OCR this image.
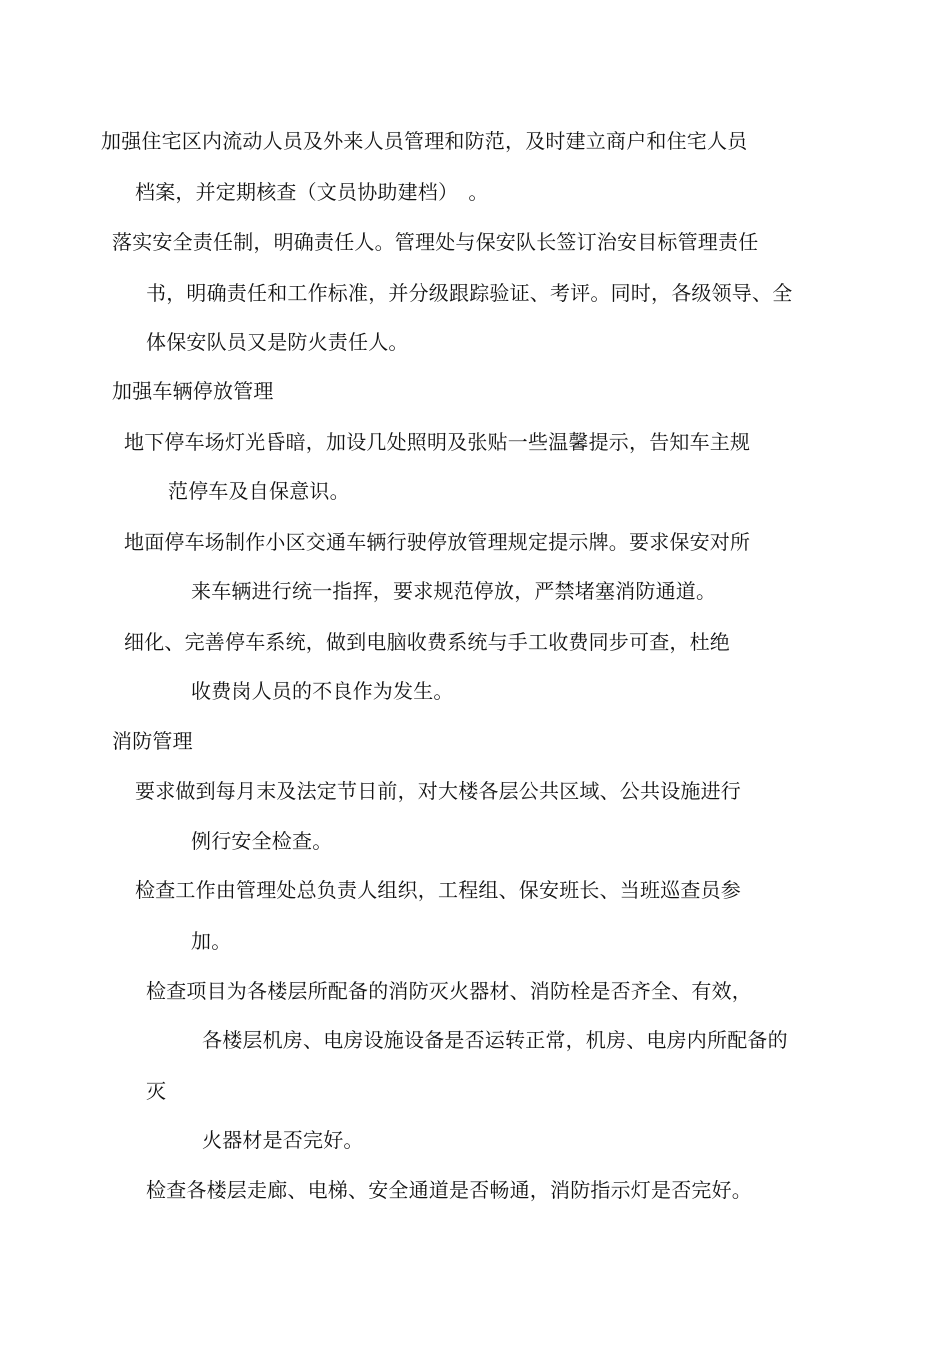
加强住宅区内流动人员及外来人员管理和防范，及时建立商户和住宅人员
档案，并定期核查（文员协助建档）　。
落实安全责任制，明确责任人。管理处与保安队长签订治安目标管理责任
书，明确责任和工作标准，并分级跟踪验证、考评。同时，各级领导、全
体保安队员又是防火责任人。
加强车辆停放管理
地下停车场灯光昏暗，加设几处照明及张贴一些温馨提示，告知车主规
范停车及自保意识。
地面停车场制作小区交通车辆行驶停放管理规定提示牌。要求保安对所
来车辆进行统一指挥，要求规范停放，严禁堵塞消防通道。
细化、完善停车系统，做到电脑收费系统与手工收费同步可查，杜绝
收费岗人员的不良作为发生。
消防管理
要求做到每月末及法定节日前，对大楼各层公共区域、公共设施进行
例行安全检查。
检查工作由管理处总负责人组织，工程组、保安班长、当班巡查员参
加。
检查项目为各楼层所配备的消防灭火器材、消防栓是否齐全、有效，
各楼层机房、电房设施设备是否运转正常，机房、电房内所配备的
灭
火器材是否完好。
检查各楼层走廊、电梯、安全通道是否畅通，消防指示灯是否完好。
